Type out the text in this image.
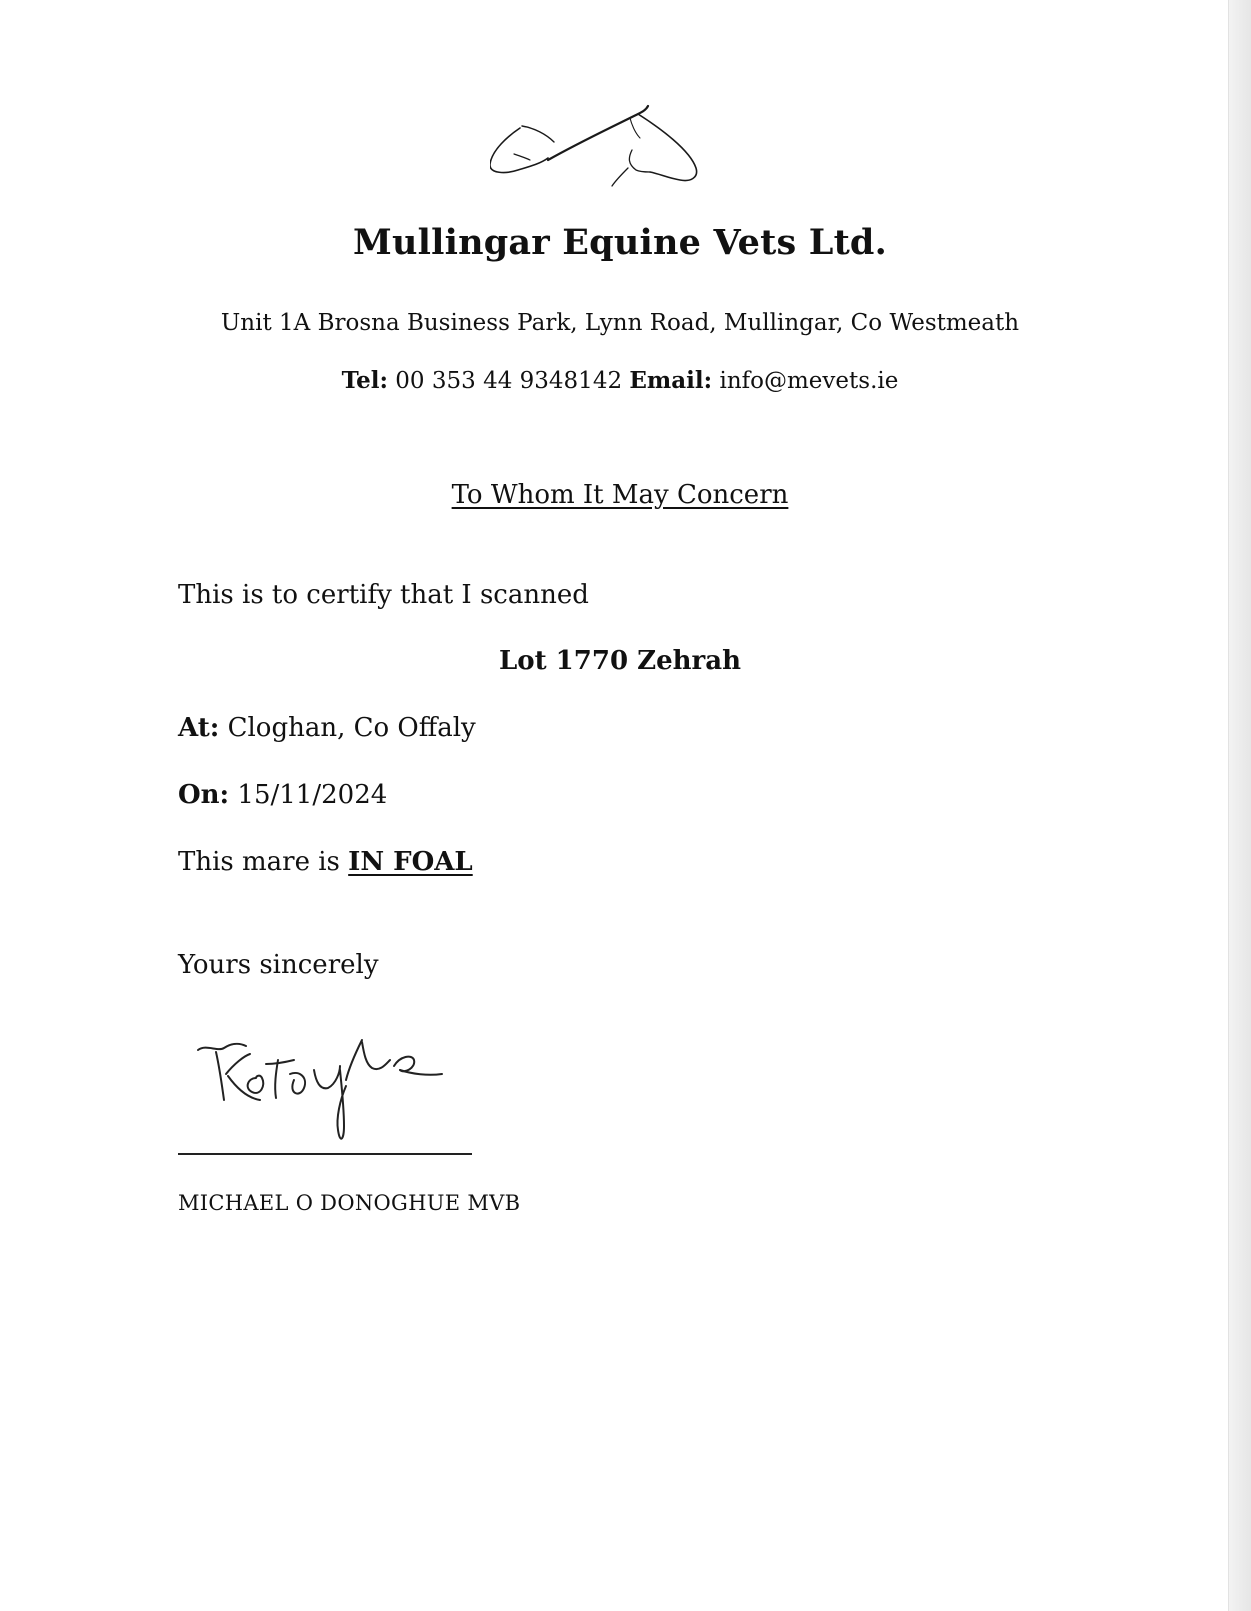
Mullingar Equine Vets Ltd.
Unit 1A Brosna Business Park, Lynn Road, Mullingar, Co Westmeath
Tel: 00 353 44 9348142 Email: info@mevets.ie
To Whom It May Concern
This is to certify that I scanned
Lot 1770 Zehrah
At: Cloghan, Co Offaly
On: 15/11/2024
This mare is IN FOAL
Yours sincerely
MICHAEL O DONOGHUE MVB
